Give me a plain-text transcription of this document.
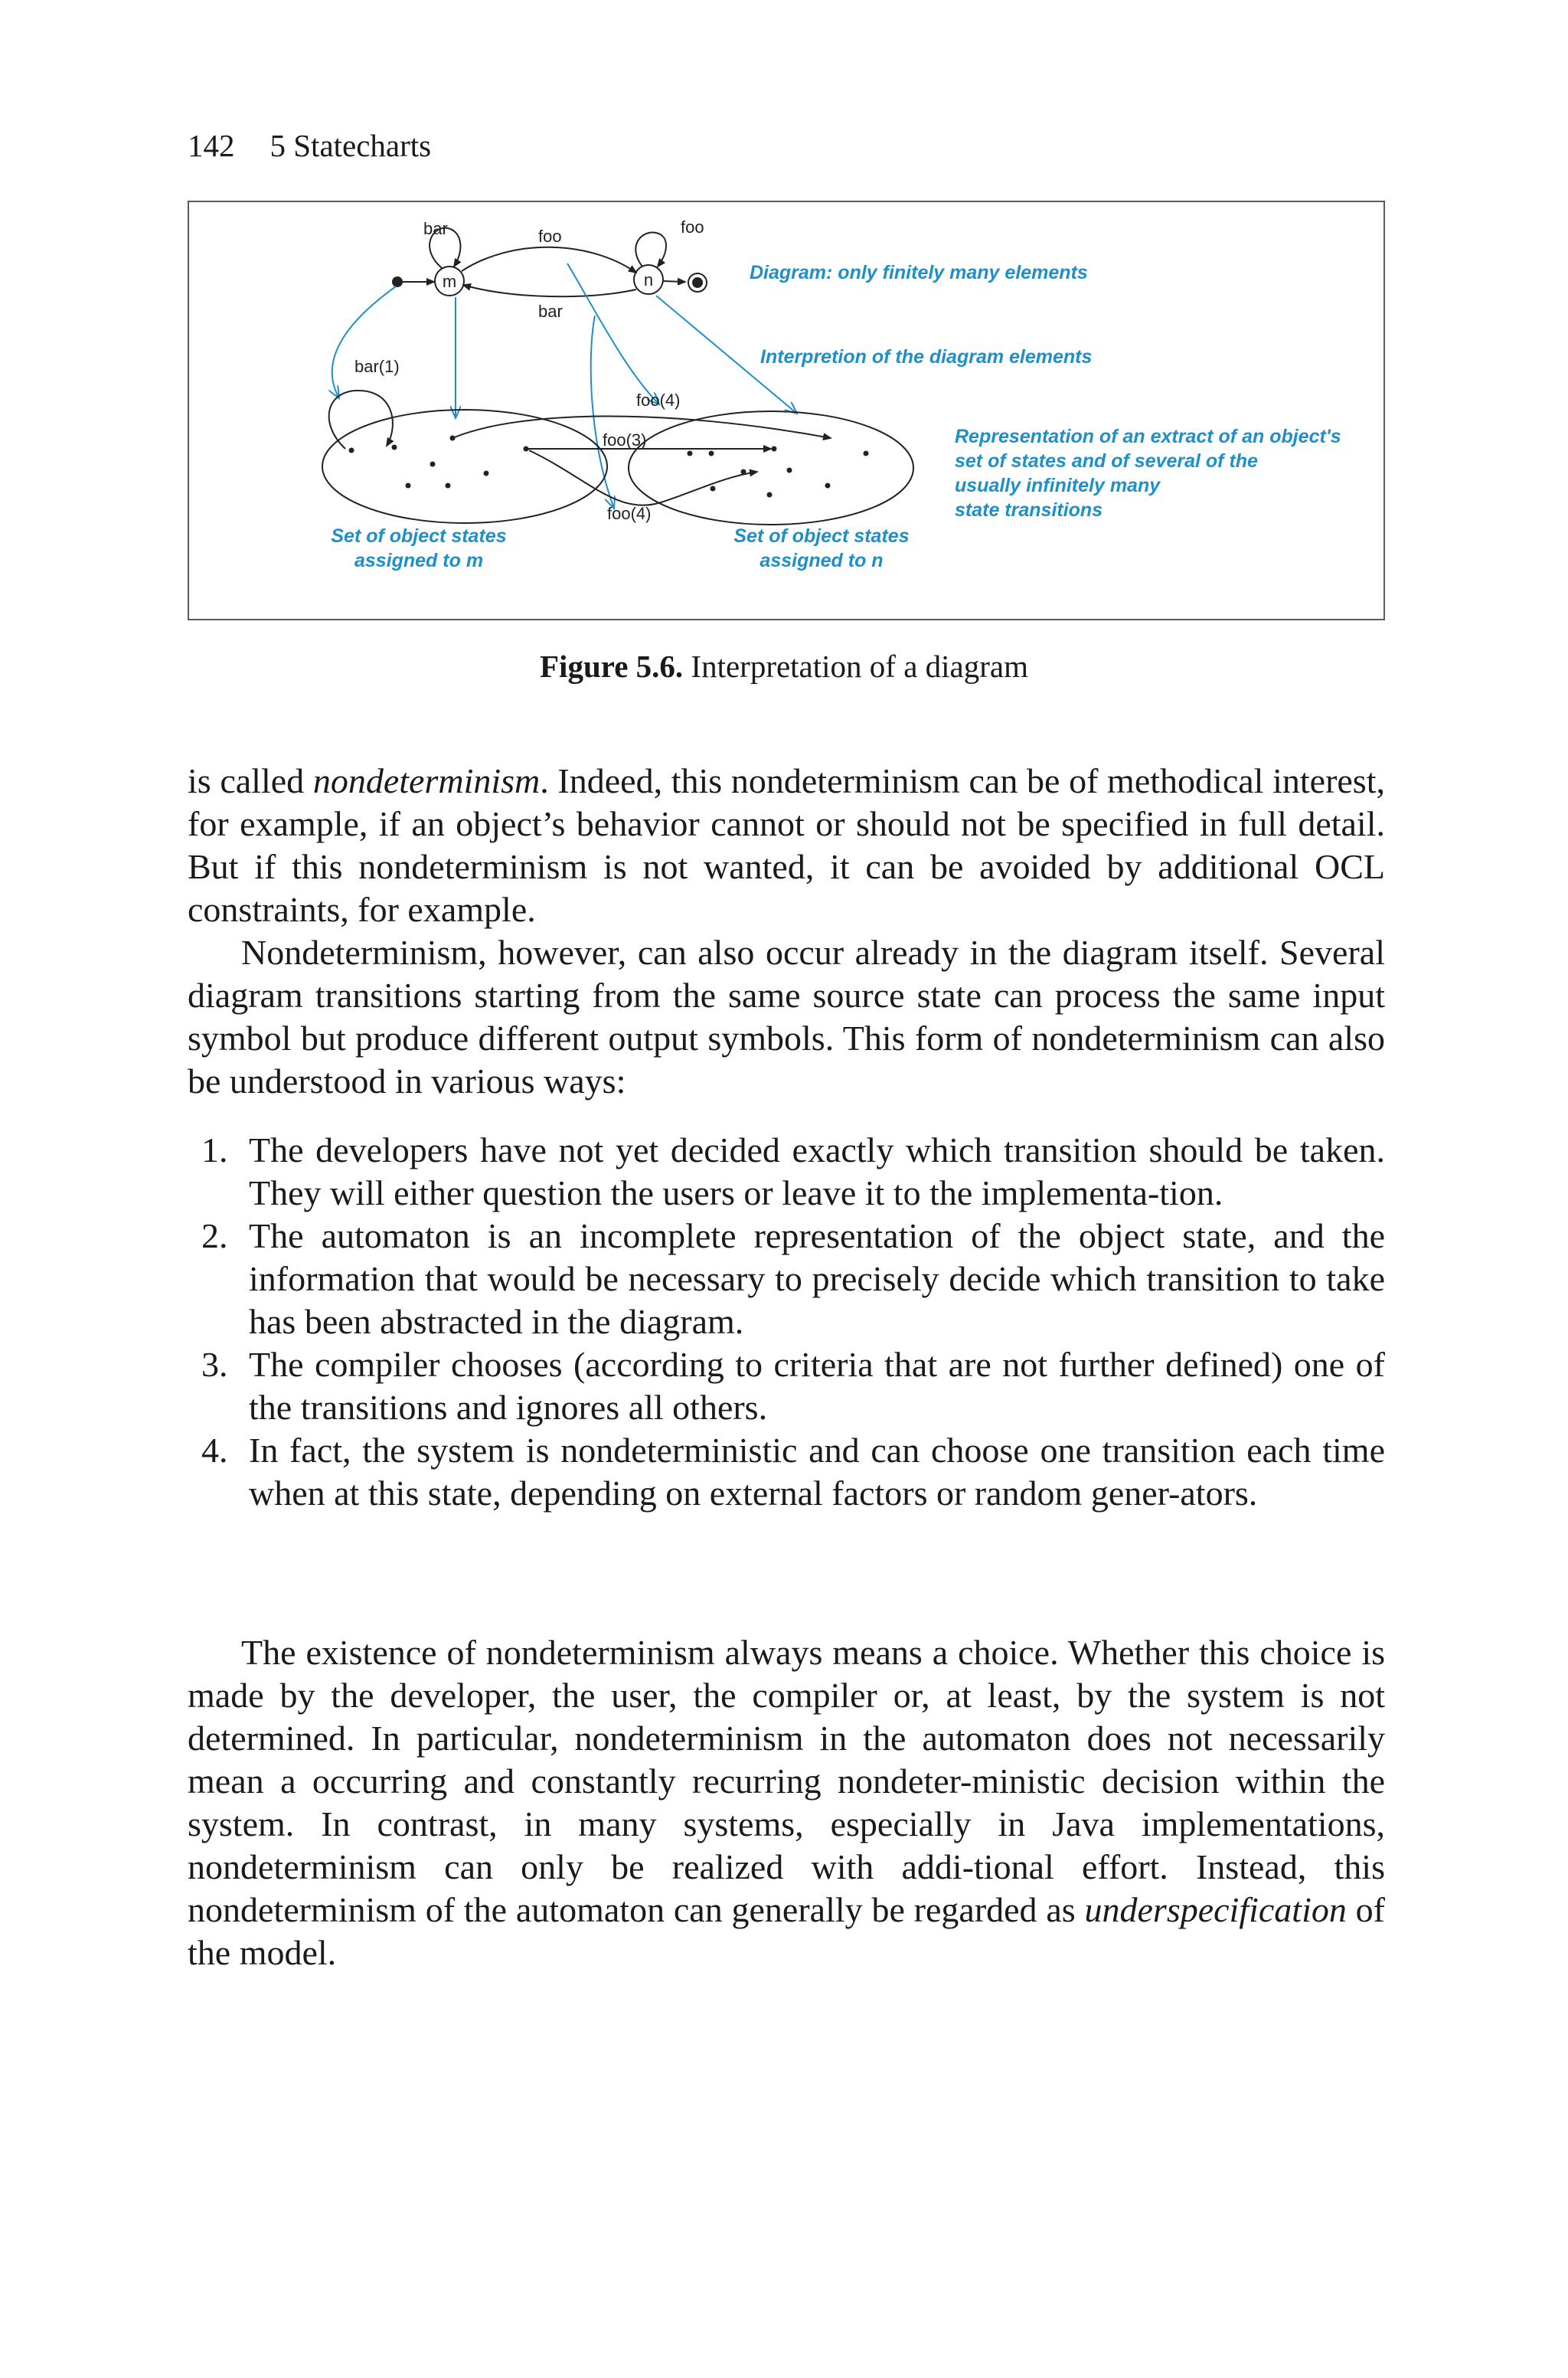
142 5 Statecharts
m
bar
n
foo
foo
bar
bar(1)
foo(4)
foo(3)
foo(4)
Diagram: only finitely many elements
Interpretion of the diagram elements
Representation of an extract of an object's
set of states and of several of the
usually infinitely many
state transitions
Set of object states
assigned to m
Set of object states
assigned to n
Figure 5.6. Interpretation of a diagram
is called nondeterminism. Indeed, this nondeterminism can be of methodical interest, for example, if an object’s behavior cannot or should not be specified in full detail. But if this nondeterminism is not wanted, it can be avoided by additional OCL constraints, for example.
Nondeterminism, however, can also occur already in the diagram itself. Several diagram transitions starting from the same source state can process the same input symbol but produce different output symbols. This form of nondeterminism can also be understood in various ways:
1. The developers have not yet decided exactly which transition should be taken. They will either question the users or leave it to the implementa-tion.
2. The automaton is an incomplete representation of the object state, and the information that would be necessary to precisely decide which transition to take has been abstracted in the diagram.
3. The compiler chooses (according to criteria that are not further defined) one of the transitions and ignores all others.
4. In fact, the system is nondeterministic and can choose one transition each time when at this state, depending on external factors or random gener-ators.
The existence of nondeterminism always means a choice. Whether this choice is made by the developer, the user, the compiler or, at least, by the system is not determined. In particular, nondeterminism in the automaton does not necessarily mean a occurring and constantly recurring nondeter-ministic decision within the system. In contrast, in many systems, especially in Java implementations, nondeterminism can only be realized with addi-tional effort. Instead, this nondeterminism of the automaton can generally be regarded as underspecification of the model.
